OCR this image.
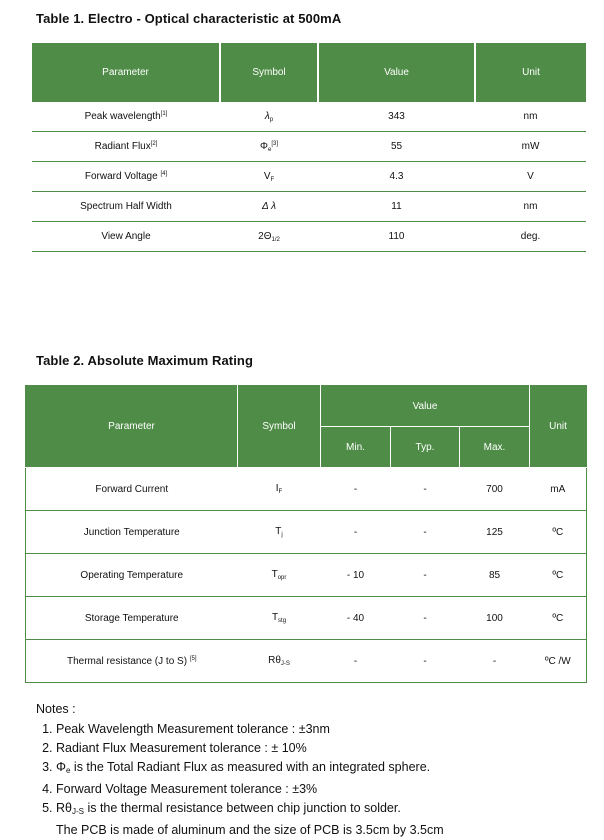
Table 1. Electro - Optical characteristic at 500mA
Parameter	Symbol	Value	Unit
Peak wavelength[1]	$\lambda_p$	343	nm
Radiant Flux[2]	$\Phi_e[3]$	55	mW
Forward Voltage [4]	$V_F$	4.3	V
Spectrum Half Width	Δ λ	11	nm
View Angle	$2\Theta_{1/2}$	110	deg.
Table 2. Absolute Maximum Rating
Parameter	Symbol	Value			Unit
		Min.	Typ.	Max.	
Forward Current	$I_F$	-	-	700	mA
Junction Temperature	$T_j$	-	-	125	ºC
Operating Temperature	$T_{opr}$	- 10	-	85	ºC
Storage Temperature	$T_{stg}$	- 40	-	100	ºC
Thermal resistance (J to S) [5]	$R\theta_{J-S}$	-	-	-	ºC /W
Notes :
1. Peak Wavelength Measurement tolerance : ±3nm
2. Radiant Flux Measurement tolerance : ± 10%
3. $\Phi_e$ is the Total Radiant Flux as measured with an integrated sphere.
4. Forward Voltage Measurement tolerance : ±3%
5. $R\theta_{J-S}$ is the thermal resistance between chip junction to solder.
The PCB is made of aluminum and the size of PCB is 3.5cm by 3.5cm
